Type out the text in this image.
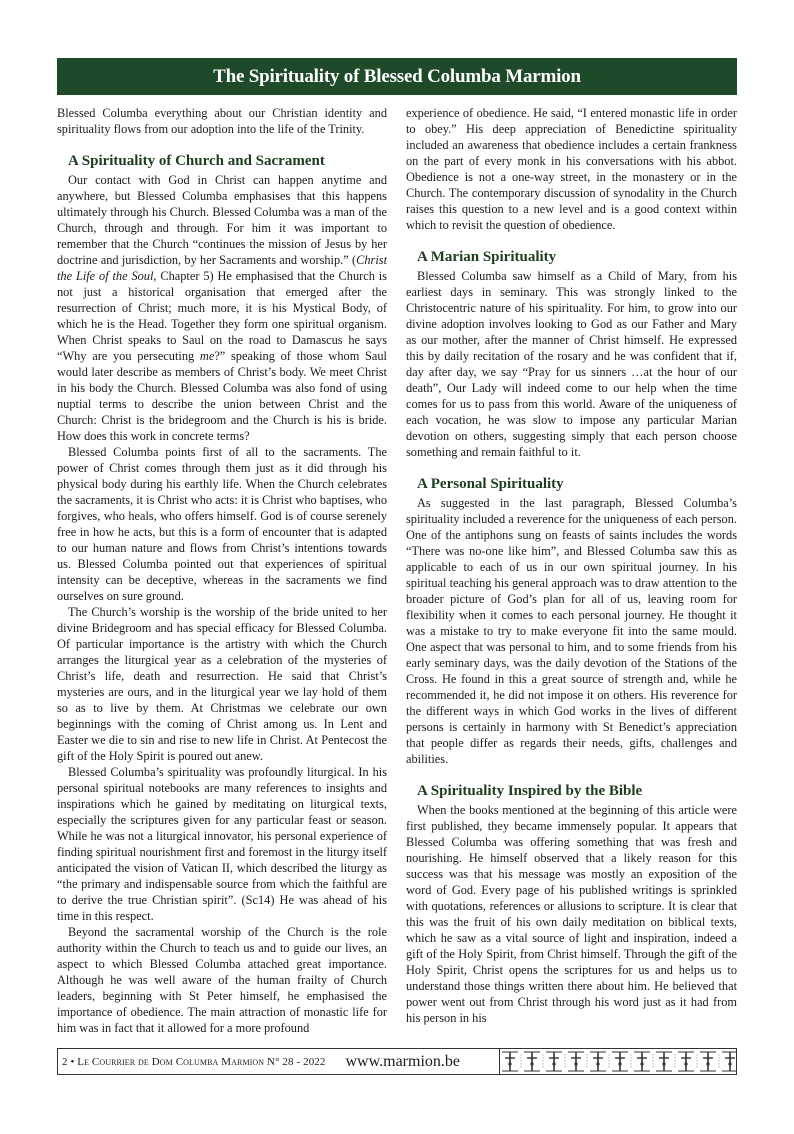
The Spirituality of Blessed Columba Marmion

Blessed Columba everything about our Christian identity and spirituality flows from our adoption into the life of the Trinity.

A Spirituality of Church and Sacrament

Our contact with God in Christ can happen anytime and anywhere, but Blessed Columba emphasises that this happens ultimately through his Church. Blessed Columba was a man of the Church, through and through. For him it was important to remember that the Church “continues the mission of Jesus by her doctrine and jurisdiction, by her Sacraments and worship.” (Christ the Life of the Soul, Chapter 5) He emphasised that the Church is not just a historical organisation that emerged after the resurrection of Christ; much more, it is his Mystical Body, of which he is the Head. Together they form one spiritual organism. When Christ speaks to Saul on the road to Damascus he says “Why are you persecuting me?” speaking of those whom Saul would later describe as members of Christ’s body. We meet Christ in his body the Church. Blessed Columba was also fond of using nuptial terms to describe the union between Christ and the Church: Christ is the bridegroom and the Church is his is bride. How does this work in concrete terms?

Blessed Columba points first of all to the sacraments. The power of Christ comes through them just as it did through his physical body during his earthly life. When the Church celebrates the sacraments, it is Christ who acts: it is Christ who baptises, who forgives, who heals, who offers himself. God is of course serenely free in how he acts, but this is a form of encounter that is adapted to our human nature and flows from Christ’s intentions towards us. Blessed Columba pointed out that experiences of spiritual intensity can be deceptive, whereas in the sacraments we find ourselves on sure ground.

The Church’s worship is the worship of the bride united to her divine Bridegroom and has special efficacy for Blessed Columba. Of particular importance is the artistry with which the Church arranges the liturgical year as a celebration of the mysteries of Christ’s life, death and resurrection. He said that Christ’s mysteries are ours, and in the liturgical year we lay hold of them so as to live by them. At Christmas we celebrate our own beginnings with the coming of Christ among us. In Lent and Easter we die to sin and rise to new life in Christ. At Pentecost the gift of the Holy Spirit is poured out anew.

Blessed Columba’s spirituality was profoundly liturgical. In his personal spiritual notebooks are many references to insights and inspirations which he gained by meditating on liturgical texts, especially the scriptures given for any particular feast or season. While he was not a liturgical innovator, his personal experience of finding spiritual nourishment first and foremost in the liturgy itself anticipated the vision of Vatican II, which described the liturgy as “the primary and indispensable source from which the faithful are to derive the true Christian spirit”. (Sc14) He was ahead of his time in this respect.

Beyond the sacramental worship of the Church is the role authority within the Church to teach us and to guide our lives, an aspect to which Blessed Columba attached great importance. Although he was well aware of the human frailty of Church leaders, beginning with St Peter himself, he emphasised the importance of obedience. The main attraction of monastic life for him was in fact that it allowed for a more profound

experience of obedience. He said, “I entered monastic life in order to obey.” His deep appreciation of Benedictine spirituality included an awareness that obedience includes a certain frankness on the part of every monk in his conversations with his abbot. Obedience is not a one-way street, in the monastery or in the Church. The contemporary discussion of synodality in the Church raises this question to a new level and is a good context within which to revisit the question of obedience.

A Marian Spirituality

Blessed Columba saw himself as a Child of Mary, from his earliest days in seminary. This was strongly linked to the Christocentric nature of his spirituality. For him, to grow into our divine adoption involves looking to God as our Father and Mary as our mother, after the manner of Christ himself. He expressed this by daily recitation of the rosary and he was confident that if, day after day, we say “Pray for us sinners …at the hour of our death”, Our Lady will indeed come to our help when the time comes for us to pass from this world. Aware of the uniqueness of each vocation, he was slow to impose any particular Marian devotion on others, suggesting simply that each person choose something and remain faithful to it.

A Personal Spirituality

As suggested in the last paragraph, Blessed Columba’s spirituality included a reverence for the uniqueness of each person. One of the antiphons sung on feasts of saints includes the words “There was no-one like him”, and Blessed Columba saw this as applicable to each of us in our own spiritual journey. In his spiritual teaching his general approach was to draw attention to the broader picture of God’s plan for all of us, leaving room for flexibility when it comes to each personal journey. He thought it was a mistake to try to make everyone fit into the same mould. One aspect that was personal to him, and to some friends from his early seminary days, was the daily devotion of the Stations of the Cross. He found in this a great source of strength and, while he recommended it, he did not impose it on others. His reverence for the different ways in which God works in the lives of different persons is certainly in harmony with St Benedict’s appreciation that people differ as regards their needs, gifts, challenges and abilities.

A Spirituality Inspired by the Bible

When the books mentioned at the beginning of this article were first published, they became immensely popular. It appears that Blessed Columba was offering something that was fresh and nourishing. He himself observed that a likely reason for this success was that his message was mostly an exposition of the word of God. Every page of his published writings is sprinkled with quotations, references or allusions to scripture. It is clear that this was the fruit of his own daily meditation on biblical texts, which he saw as a vital source of light and inspiration, indeed a gift of the Holy Spirit, from Christ himself. Through the gift of the Holy Spirit, Christ opens the scriptures for us and helps us to understand those things written there about him. He believed that power went out from Christ through his word just as it had from his person in his

2 • Le Courrier de Dom Columba Marmion N° 28 - 2022	www.marmion.be
